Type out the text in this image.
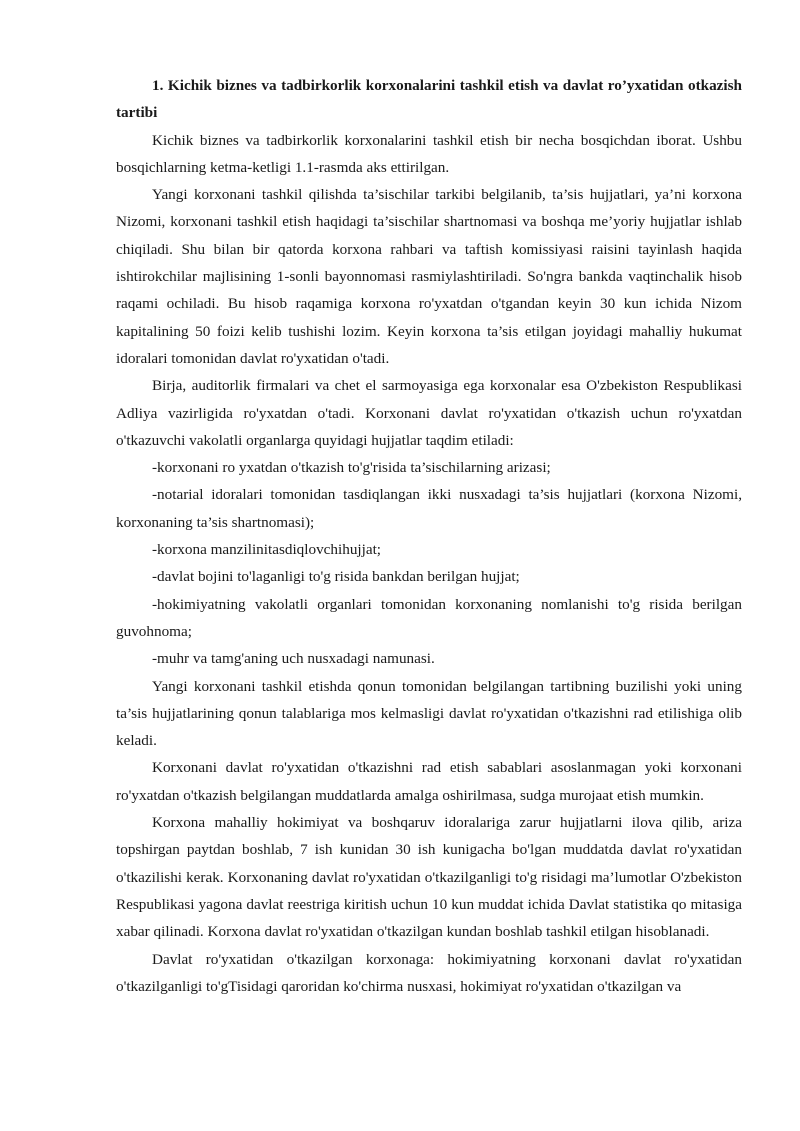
1. Kichik biznes va tadbirkorlik korxonalarini tashkil etish va davlat ro’yxatidan otkazish tartibi

Kichik biznes va tadbirkorlik korxonalarini tashkil etish bir necha bosqichdan iborat. Ushbu bosqichlarning ketma-ketligi 1.1-rasmda aks ettirilgan.

Yangi korxonani tashkil qilishda ta’sischilar tarkibi belgilanib, ta’sis hujjatlari, ya’ni korxona Nizomi, korxonani tashkil etish haqidagi ta’sischilar shartnomasi va boshqa me’yoriy hujjatlar ishlab chiqiladi. Shu bilan bir qatorda korxona rahbari va taftish komissiyasi raisini tayinlash haqida ishtirokchilar majlisining 1-sonli bayonnomasi rasmiylashtiriladi. So'ngra bankda vaqtinchalik hisob raqami ochiladi. Bu hisob raqamiga korxona ro'yxatdan o'tgandan keyin 30 kun ichida Nizom kapitalining 50 foizi kelib tushishi lozim. Keyin korxona ta’sis etilgan joyidagi mahalliy hukumat idoralari tomonidan davlat ro'yxatidan o'tadi.

Birja, auditorlik firmalari va chet el sarmoyasiga ega korxonalar esa O'zbekiston Respublikasi Adliya vazirligida ro'yxatdan o'tadi. Korxonani davlat ro'yxatidan o'tkazish uchun ro'yxatdan o'tkazuvchi vakolatli organlarga quyidagi hujjatlar taqdim etiladi:

-korxonani ro yxatdan o'tkazish to'g'risida ta’sischilarning arizasi;

-notarial idoralari tomonidan tasdiqlangan ikki nusxadagi ta’sis hujjatlari (korxona Nizomi, korxonaning ta’sis shartnomasi);

-korxona manzilinitasdiqlovchihujjat;

-davlat bojini to'laganligi to'g risida bankdan berilgan hujjat;

-hokimiyatning vakolatli organlari tomonidan korxonaning nomlanishi to'g risida berilgan guvohnoma;

-muhr va tamg'aning uch nusxadagi namunasi.

Yangi korxonani tashkil etishda qonun tomonidan belgilangan tartibning buzilishi yoki uning ta’sis hujjatlarining qonun talablariga mos kelmasligi davlat ro'yxatidan o'tkazishni rad etilishiga olib keladi.

Korxonani davlat ro'yxatidan o'tkazishni rad etish sabablari asoslanmagan yoki korxonani ro'yxatdan o'tkazish belgilangan muddatlarda amalga oshirilmasa, sudga murojaat etish mumkin.

Korxona mahalliy hokimiyat va boshqaruv idoralariga zarur hujjatlarni ilova qilib, ariza topshirgan paytdan boshlab, 7 ish kunidan 30 ish kunigacha bo'lgan muddatda davlat ro'yxatidan o'tkazilishi kerak. Korxonaning davlat ro'yxatidan o'tkazilganligi to'g risidagi ma’lumotlar O'zbekiston Respublikasi yagona davlat reestriga kiritish uchun 10 kun muddat ichida Davlat statistika qo mitasiga xabar qilinadi. Korxona davlat ro'yxatidan o'tkazilgan kundan boshlab tashkil etilgan hisoblanadi.

Davlat ro'yxatidan o'tkazilgan korxonaga: hokimiyatning korxonani davlat ro'yxatidan o'tkazilganligi to'gTisidagi qaroridan ko'chirma nusxasi, hokimiyat ro'yxatidan o'tkazilgan va
